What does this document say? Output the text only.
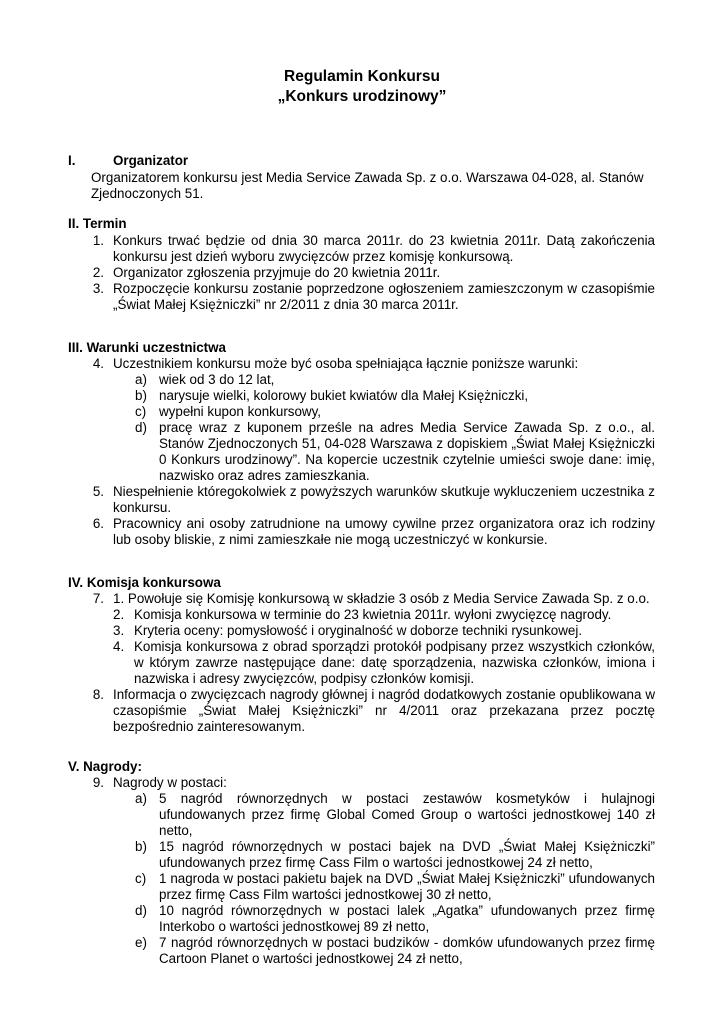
Regulamin Konkursu
„Konkurs urodzinowy”
I.	Organizator
Organizatorem konkursu jest Media Service Zawada Sp. z o.o. Warszawa 04-028, al. Stanów
Zjednoczonych 51.
II. Termin
1. Konkurs trwać będzie od dnia 30 marca 2011r. do 23 kwietnia 2011r. Datą zakończenia
konkursu jest dzień wyboru zwycięzców przez komisję konkursową.
2. Organizator zgłoszenia przyjmuje do 20 kwietnia 2011r.
3. Rozpoczęcie konkursu zostanie poprzedzone ogłoszeniem zamieszczonym w czasopiśmie
„Świat Małej Księżniczki” nr 2/2011 z dnia 30 marca 2011r.
III. Warunki uczestnictwa
4. Uczestnikiem konkursu może być osoba spełniająca łącznie poniższe warunki:
a) wiek od 3 do 12 lat,
b) narysuje wielki, kolorowy bukiet kwiatów dla Małej Księżniczki,
c) wypełni kupon konkursowy,
d) pracę wraz z kuponem prześle na adres Media Service Zawada Sp. z o.o., al.
Stanów Zjednoczonych 51, 04-028 Warszawa z dopiskiem „Świat Małej Księżniczki
0 Konkurs urodzinowy”. Na kopercie uczestnik czytelnie umieści swoje dane: imię,
nazwisko oraz adres zamieszkania.
5. Niespełnienie któregokolwiek z powyższych warunków skutkuje wykluczeniem uczestnika z
konkursu.
6. Pracownicy ani osoby zatrudnione na umowy cywilne przez organizatora oraz ich rodziny
lub osoby bliskie, z nimi zamieszkałe nie mogą uczestniczyć w konkursie.
IV. Komisja konkursowa
7. 1. Powołuje się Komisję konkursową w składzie 3 osób z Media Service Zawada Sp. z o.o.
2. Komisja konkursowa w terminie do 23 kwietnia 2011r. wyłoni zwycięzcę nagrody.
3. Kryteria oceny: pomysłowość i oryginalność w doborze techniki rysunkowej.
4. Komisja konkursowa z obrad sporządzi protokół podpisany przez wszystkich członków,
w którym zawrze następujące dane: datę sporządzenia, nazwiska członków, imiona i
nazwiska i adresy zwycięzców, podpisy członków komisji.
8. Informacja o zwycięzcach nagrody głównej i nagród dodatkowych zostanie opublikowana w
czasopiśmie „Świat Małej Księżniczki” nr 4/2011 oraz przekazana przez pocztę
bezpośrednio zainteresowanym.
V. Nagrody:
9. Nagrody w postaci:
a) 5 nagród równorzędnych w postaci zestawów kosmetyków i hulajnogi
ufundowanych przez firmę Global Comed Group o wartości jednostkowej 140 zł
netto,
b) 15 nagród równorzędnych w postaci bajek na DVD „Świat Małej Księżniczki”
ufundowanych przez firmę Cass Film o wartości jednostkowej 24 zł netto,
c) 1 nagroda w postaci pakietu bajek na DVD „Świat Małej Księżniczki” ufundowanych
przez firmę Cass Film wartości jednostkowej 30 zł netto,
d) 10 nagród równorzędnych w postaci lalek „Agatka” ufundowanych przez firmę
Interkobo o wartości jednostkowej 89 zł netto,
e) 7 nagród równorzędnych w postaci budzików - domków ufundowanych przez firmę
Cartoon Planet o wartości jednostkowej 24 zł netto,
